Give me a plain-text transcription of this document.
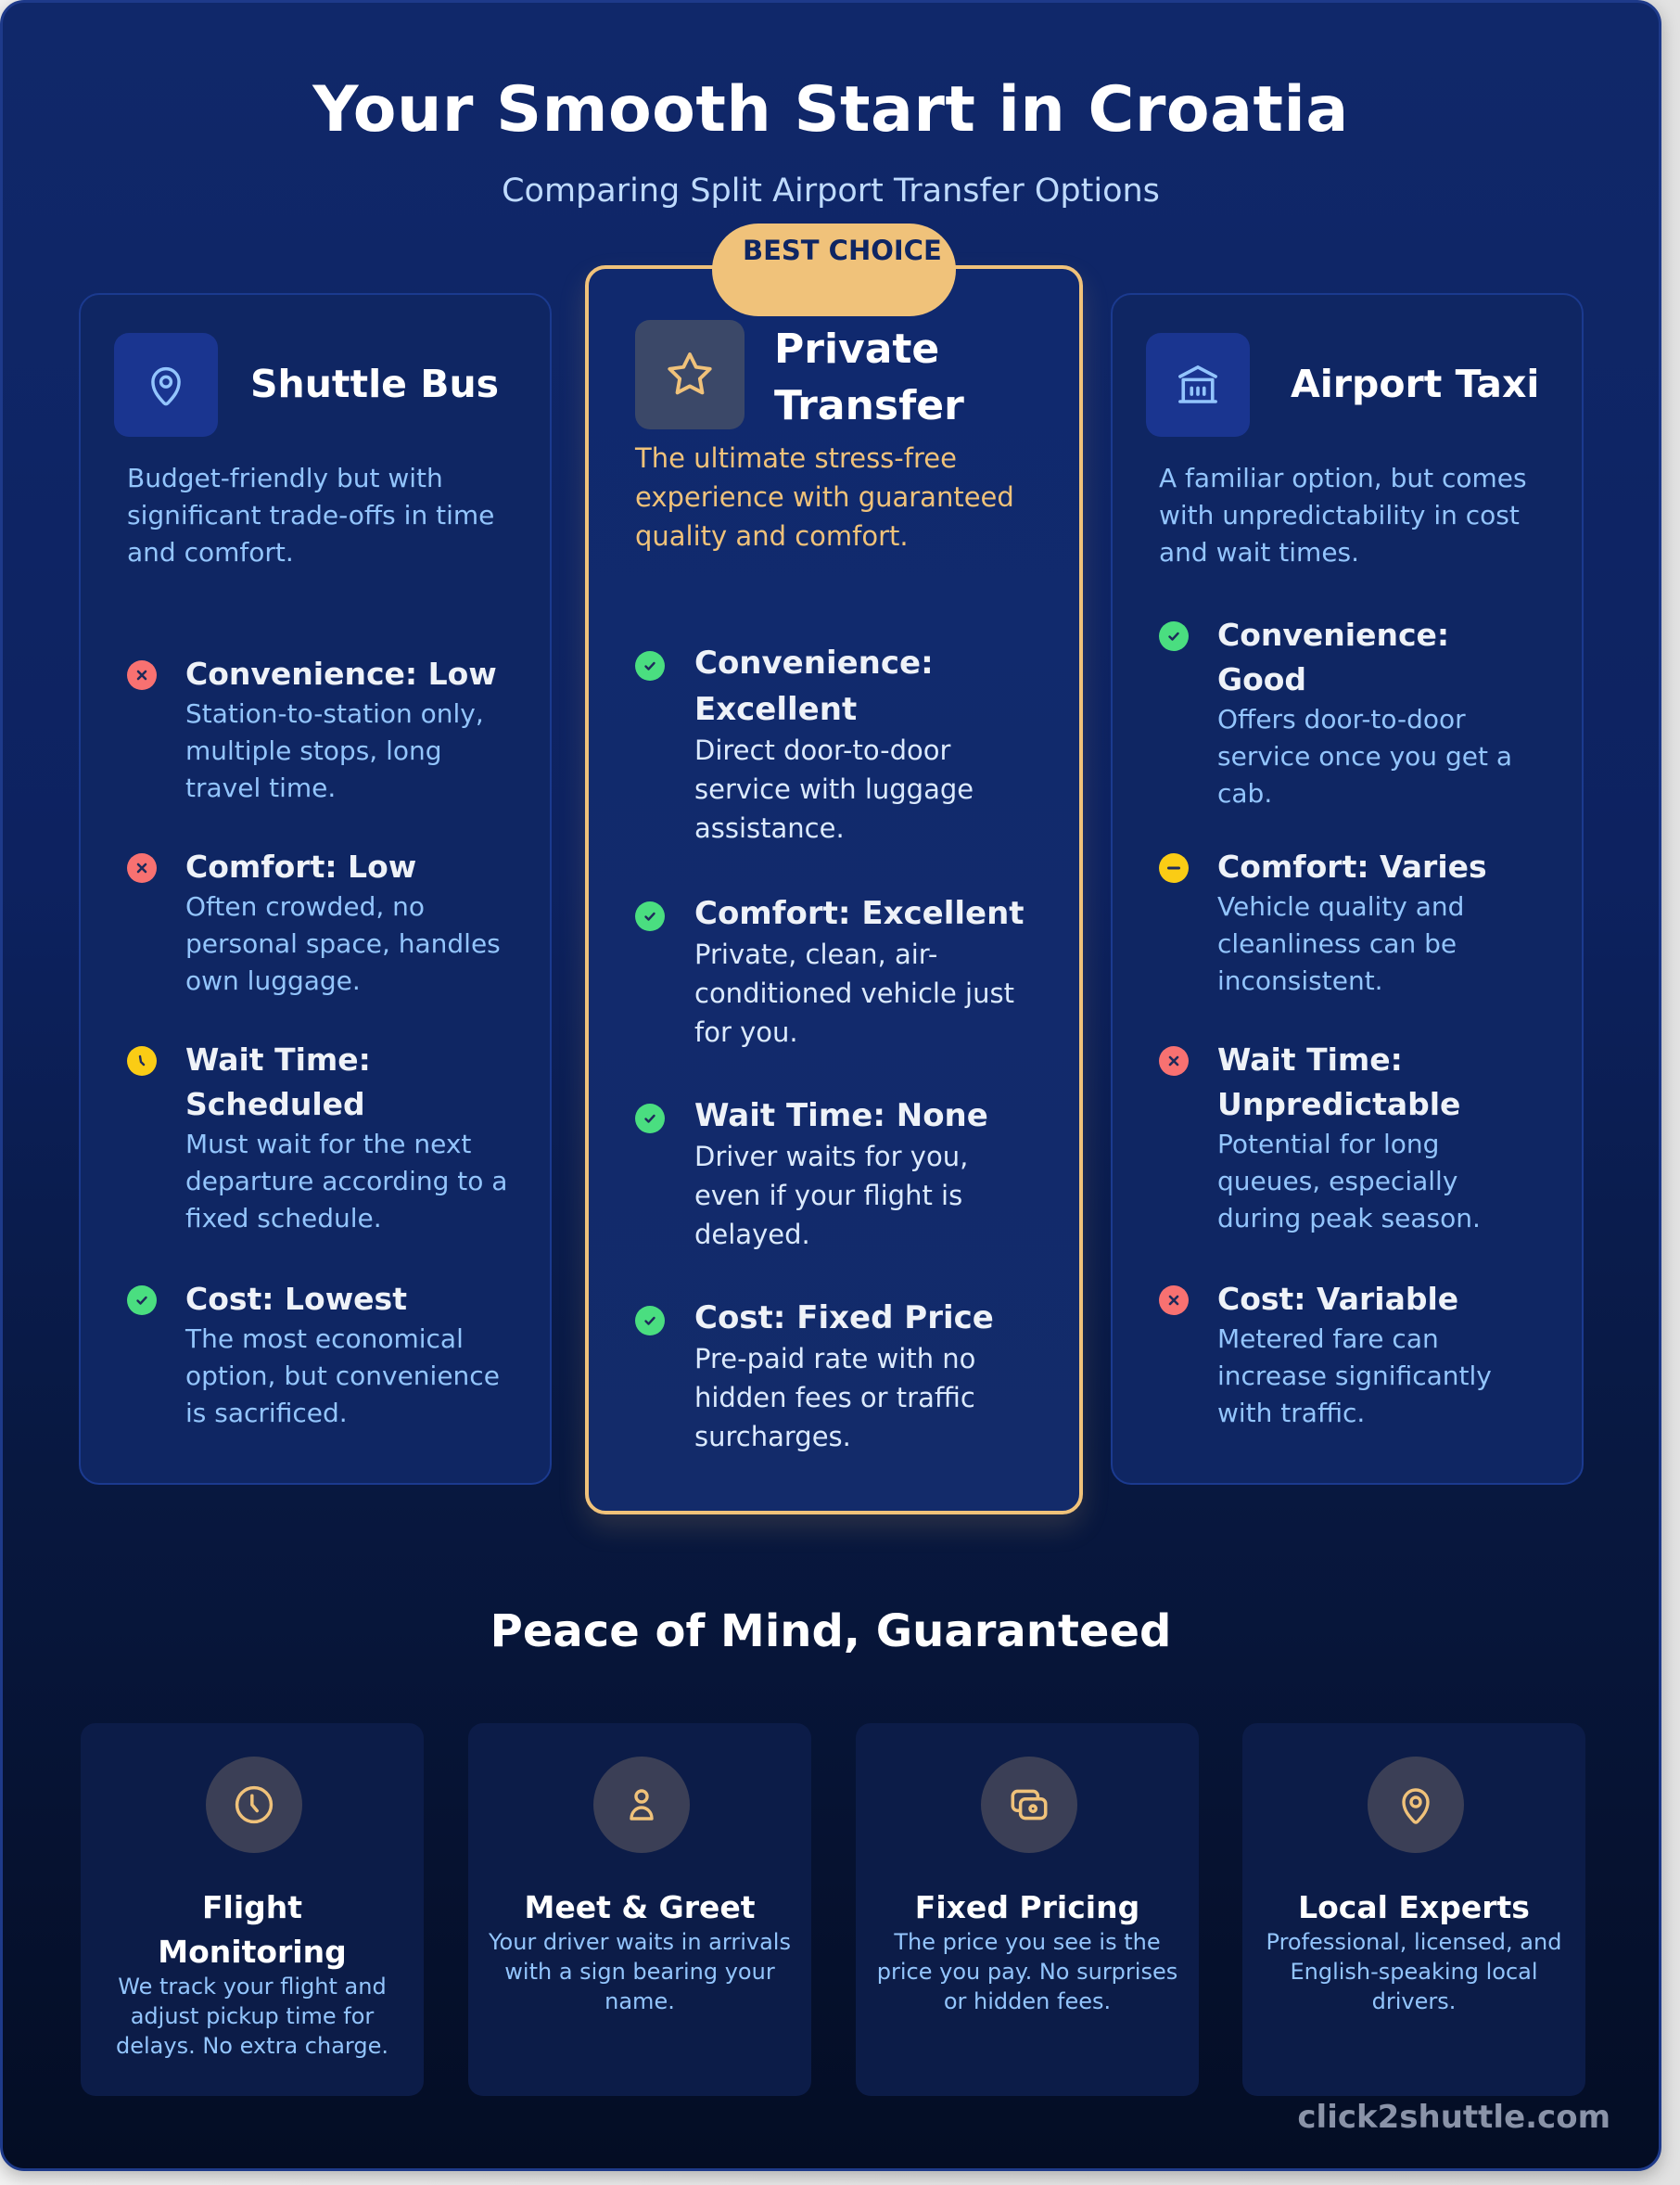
Your Smooth Start in Croatia
Comparing Split Airport Transfer Options
Shuttle Bus
Budget-friendly but with significant trade-offs in time and comfort.
Convenience: Low
Station-to-station only, multiple stops, long travel time.
Comfort: Low
Often crowded, no personal space, handles own luggage.
Wait Time: Scheduled
Must wait for the next departure according to a fixed schedule.
Cost: Lowest
The most economical option, but convenience is sacrificed.
BEST CHOICE
Private Transfer
The ultimate stress-free experience with guaranteed quality and comfort.
Convenience: Excellent
Direct door-to-door service with luggage assistance.
Comfort: Excellent
Private, clean, air-conditioned vehicle just for you.
Wait Time: None
Driver waits for you, even if your flight is delayed.
Cost: Fixed Price
Pre-paid rate with no hidden fees or traffic surcharges.
Airport Taxi
A familiar option, but comes with unpredictability in cost and wait times.
Convenience: Good
Offers door-to-door service once you get a cab.
Comfort: Varies
Vehicle quality and cleanliness can be inconsistent.
Wait Time: Unpredictable
Potential for long queues, especially during peak season.
Cost: Variable
Metered fare can increase significantly with traffic.
Peace of Mind, Guaranteed
Flight Monitoring
We track your flight and adjust pickup time for delays. No extra charge.
Meet & Greet
Your driver waits in arrivals with a sign bearing your name.
Fixed Pricing
The price you see is the price you pay. No surprises or hidden fees.
Local Experts
Professional, licensed, and English-speaking local drivers.
click2shuttle.com
